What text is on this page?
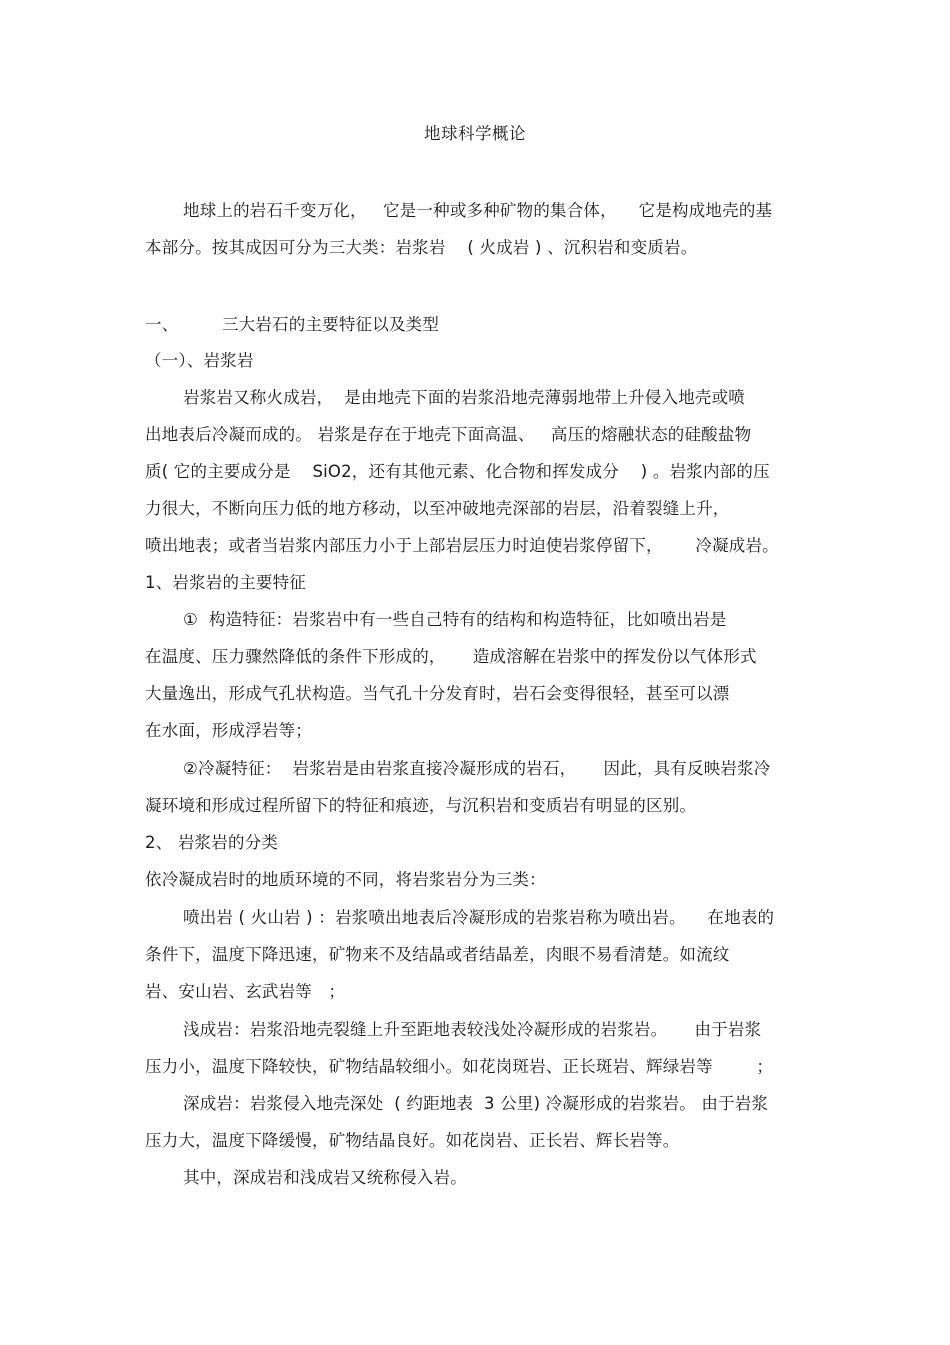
地球科学概论
地球上的岩石千变万化，   它是一种或多种矿物的集合体，    它是构成地壳的基
本部分。按其成因可分为三大类：岩浆岩    ( 火成岩 ) 、沉积岩和变质岩。
一、        三大岩石的主要特征以及类型
（一）、岩浆岩
岩浆岩又称火成岩，  是由地壳下面的岩浆沿地壳薄弱地带上升侵入地壳或喷
出地表后冷凝而成的。 岩浆是存在于地壳下面高温、   高压的熔融状态的硅酸盐物
质( 它的主要成分是    SiO2，还有其他元素、化合物和挥发成分    ) 。岩浆内部的压
力很大，不断向压力低的地方移动，以至冲破地壳深部的岩层，沿着裂缝上升，
喷出地表；或者当岩浆内部压力小于上部岩层压力时迫使岩浆停留下，      冷凝成岩。
1、岩浆岩的主要特征
①  构造特征：岩浆岩中有一些自己特有的结构和构造特征，比如喷出岩是
在温度、压力骤然降低的条件下形成的，     造成溶解在岩浆中的挥发份以气体形式
大量逸出，形成气孔状构造。当气孔十分发育时，岩石会变得很轻，甚至可以漂
在水面，形成浮岩等；
②冷凝特征：  岩浆岩是由岩浆直接冷凝形成的岩石，     因此，具有反映岩浆冷
凝环境和形成过程所留下的特征和痕迹，与沉积岩和变质岩有明显的区别。
2、 岩浆岩的分类
依冷凝成岩时的地质环境的不同，将岩浆岩分为三类：
喷出岩 ( 火山岩 ) ：岩浆喷出地表后冷凝形成的岩浆岩称为喷出岩。    在地表的
条件下，温度下降迅速，矿物来不及结晶或者结晶差，肉眼不易看清楚。如流纹
岩、安山岩、玄武岩等   ；
浅成岩：岩浆沿地壳裂缝上升至距地表较浅处冷凝形成的岩浆岩。     由于岩浆
压力小，温度下降较快，矿物结晶较细小。如花岗斑岩、正长斑岩、辉绿岩等        ；
深成岩：岩浆侵入地壳深处  ( 约距地表  3 公里) 冷凝形成的岩浆岩。 由于岩浆
压力大，温度下降缓慢，矿物结晶良好。如花岗岩、正长岩、辉长岩等。
其中，深成岩和浅成岩又统称侵入岩。
